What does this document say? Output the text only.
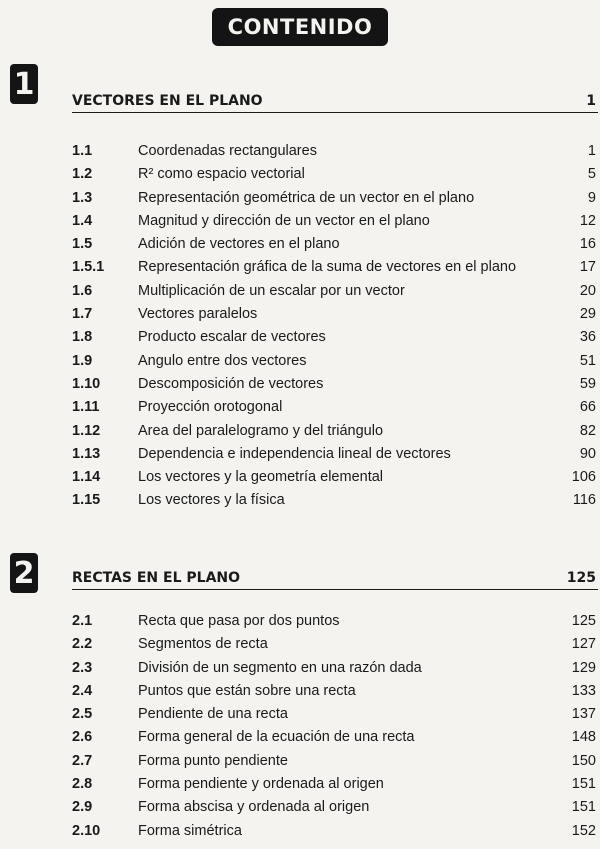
CONTENIDO
1	VECTORES EN EL PLANO	1
1.1	Coordenadas rectangulares	1
1.2	R² como espacio vectorial	5
1.3	Representación geométrica de un vector en el plano	9
1.4	Magnitud y dirección de un vector en el plano	12
1.5	Adición de vectores en el plano	16
1.5.1 Representación gráfica de la suma de vectores en el plano	17
1.6	Multiplicación de un escalar por un vector	20
1.7	Vectores paralelos	29
1.8	Producto escalar de vectores	36
1.9	Angulo entre dos vectores	51
1.10	Descomposición de vectores	59
1.11	Proyección orotogonal	66
1.12	Area del paralelogramo y del triángulo	82
1.13	Dependencia e independencia lineal de vectores	90
1.14	Los vectores y la geometría elemental	106
1.15	Los vectores y la física	116
2	RECTAS EN EL PLANO	125
2.1	Recta que pasa por dos puntos	125
2.2	Segmentos de recta	127
2.3	División de un segmento en una razón dada	129
2.4	Puntos que están sobre una recta	133
2.5	Pendiente de una recta	137
2.6	Forma general de la ecuación de una recta	148
2.7	Forma punto pendiente	150
2.8	Forma pendiente y ordenada al origen	151
2.9	Forma abscisa y ordenada al origen	151
2.10	Forma simétrica	152
